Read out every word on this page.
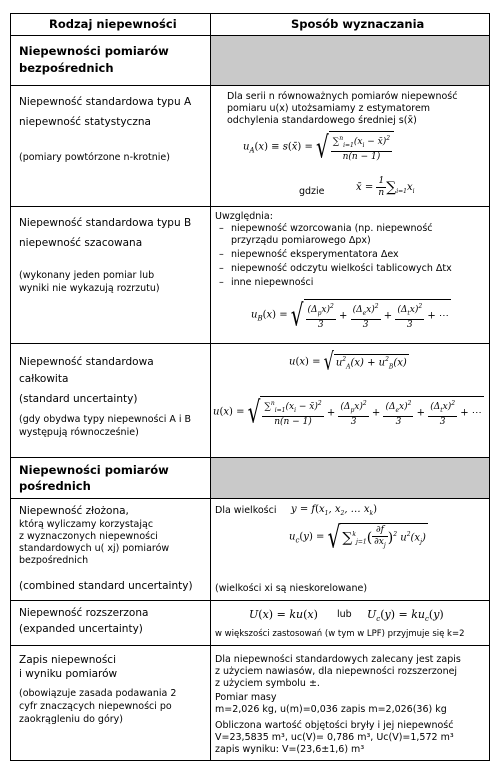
Rodzaj niepewności	Sposób wyznaczania
Niepewności pomiarów
bezpośrednich
Niepewność standardowa typu A
niepewność statystyczna
(pomiary powtórzone n-krotnie)
Dla serii n równoważnych pomiarów niepewność
pomiaru u(x) utożsamiamy z estymatorem
odchylenia standardowego średniej s(x̄)
$u_A(x)$ ≡ s(x̄) = √ $\frac{\sum^n_{i=1}(x_i - x̄)^2}{n(n - 1)}$
gdzie	x̄ = $\frac{1}{n} \sum_{i=1}x_i$
Niepewność standardowa typu B
niepewność szacowana
(wykonany jeden pomiar lub
wyniki nie wykazują rozrzutu)
Uwzględnia:
– niepewność wzorcowania (np. niepewność
przyrządu pomiarowego Δpx)
– niepewność eksperymentatora Δex
– niepewność odczytu wielkości tablicowych Δtx
– inne niepewności
$u_B(x)$ = √ $\frac{(\Delta_px)^2}{3} + \frac{(\Delta_ex)^2}{3} + \frac{(\Delta_tx)^2}{3}$ + ⋯
Niepewność standardowa
całkowita
(standard uncertainty)
(gdy obydwa typy niepewności A i B
występują równocześnie)
u(x) = √ $u^2_A(x) + u^2_B(x)$
u(x) = √ $\frac{\sum^n_{i=1}(x_i - x̄)^2}{n(n - 1)} + \frac{(\Delta_px)^2}{3} + \frac{(\Delta_ex)^2}{3} + \frac{(\Delta_tx)^2}{3}$ + ⋯
Niepewności pomiarów
pośrednich
Niepewność złożona,
którą wyliczamy korzystając
z wyznaczonych niepewności
standardowych u( xj) pomiarów
bezpośrednich
(combined standard uncertainty)
Dla wielkości $y = f(x_1$, $x_2$, … $x_k$)
$u_c(y)$ = √ $\sum^k_{j=1}( \frac{\partial f}{\partial x_j} )^2$ $u^2(x_j)$
(wielkości xi są nieskorelowane)
Niepewność rozszerzona
(expanded uncertainty)
U(x) = ku(x) lub $U_c(y) = ku_c(y)$
w większości zastosowań (w tym w LPF) przyjmuje się k=2
Zapis niepewności
i wyniku pomiarów
(obowiązuje zasada podawania 2
cyfr znaczących niepewności po
zaokrągleniu do góry)
Dla niepewności standardowych zalecany jest zapis
z użyciem nawiasów, dla niepewności rozszerzonej
z użyciem symbolu ±.
Pomiar masy
m=2,026 kg, u(m)=0,036 zapis m=2,026(36) kg
Obliczona wartość objętości bryły i jej niepewność
V=23,5835 m³, uc(V)= 0,786 m³, Uc(V)=1,572 m³
zapis wyniku: V=(23,6±1,6) m³
